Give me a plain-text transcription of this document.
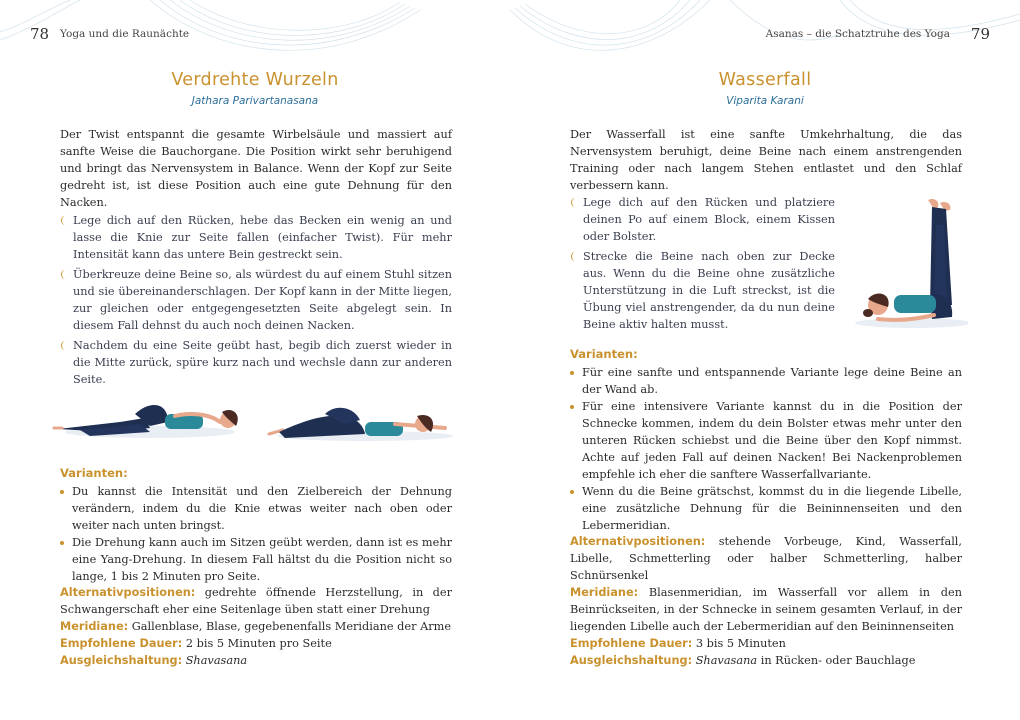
78 Yoga und die Raunächte
Verdrehte Wurzeln
Jathara Parivartanasana
Der Twist entspannt die gesamte Wirbelsäule und massiert auf sanfte Weise die Bauchorgane. Die Position wirkt sehr beruhigend und bringt das Nervensystem in Balance. Wenn der Kopf zur Seite gedreht ist, ist diese Position auch eine gute Dehnung für den Nacken.
Lege dich auf den Rücken, hebe das Becken ein wenig an und lasse die Knie zur Seite fallen (einfacher Twist). Für mehr Intensität kann das untere Bein gestreckt sein.
Überkreuze deine Beine so, als würdest du auf einem Stuhl sitzen und sie übereinanderschlagen. Der Kopf kann in der Mitte liegen, zur gleichen oder entgegengesetzten Seite abgelegt sein. In diesem Fall dehnst du auch noch deinen Nacken.
Nachdem du eine Seite geübt hast, begib dich zuerst wieder in die Mitte zurück, spüre kurz nach und wechsle dann zur anderen Seite.
Varianten:
Du kannst die Intensität und den Zielbereich der Dehnung verändern, indem du die Knie etwas weiter nach oben oder weiter nach unten bringst.
Die Drehung kann auch im Sitzen geübt werden, dann ist es mehr eine Yang-Drehung. In diesem Fall hältst du die Position nicht so lange, 1 bis 2 Minuten pro Seite.

Alternativpositionen: gedrehte öffnende Herzstellung, in der Schwangerschaft eher eine Seitenlage üben statt einer Drehung

Meridiane: Gallenblase, Blase, gegebenenfalls Meridiane der Arme

Empfohlene Dauer: 2 bis 5 Minuten pro Seite

Ausgleichshaltung: Shavasana

Asanas – die Schatztruhe des Yoga 79
Wasserfall
Viparita Karani
Der Wasserfall ist eine sanfte Umkehrhaltung, die das Nervensystem beruhigt, deine Beine nach einem anstrengenden Training oder nach langem Stehen entlastet und den Schlaf verbessern kann.
Lege dich auf den Rücken und platziere deinen Po auf einem Block, einem Kissen oder Bolster.
Strecke die Beine nach oben zur Decke aus. Wenn du die Beine ohne zusätzliche Unterstützung in die Luft streckst, ist die Übung viel anstrengender, da du nun deine Beine aktiv halten musst.
Varianten:
Für eine sanfte und entspannende Variante lege deine Beine an der Wand ab.
Für eine intensivere Variante kannst du in die Position der Schnecke kommen, indem du dein Bolster etwas mehr unter den unteren Rücken schiebst und die Beine über den Kopf nimmst. Achte auf jeden Fall auf deinen Nacken! Bei Nackenproblemen empfehle ich eher die sanftere Wasserfallvariante.
Wenn du die Beine grätschst, kommst du in die liegende Libelle, eine zusätzliche Dehnung für die Beininnenseiten und den Lebermeridian.

Alternativpositionen: stehende Vorbeuge, Kind, Wasserfall, Libelle, Schmetterling oder halber Schmetterling, halber Schnürsenkel

Meridiane: Blasenmeridian, im Wasserfall vor allem in den Beinrückseiten, in der Schnecke in seinem gesamten Verlauf, in der liegenden Libelle auch der Lebermeridian auf den Beininnenseiten

Empfohlene Dauer: 3 bis 5 Minuten

Ausgleichshaltung: Shavasana in Rücken- oder Bauchlage
